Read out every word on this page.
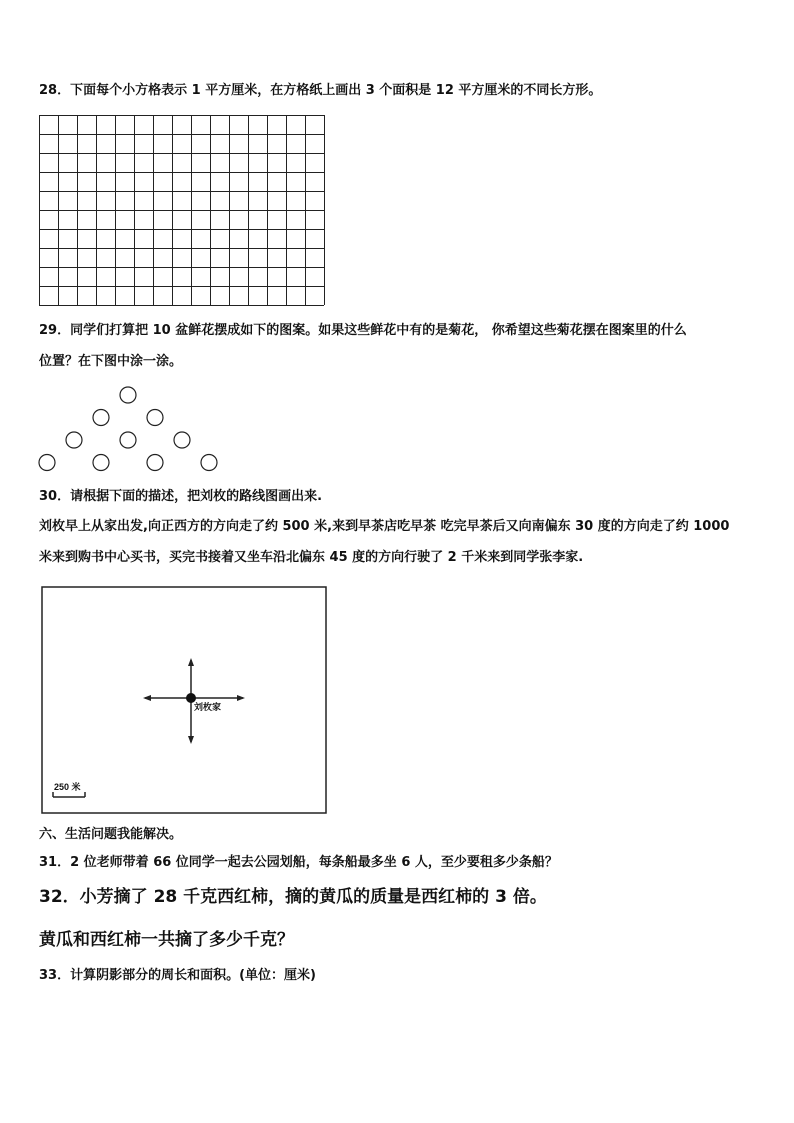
28．下面每个小方格表示 1 平方厘米，在方格纸上画出 3 个面积是 12 平方厘米的不同长方形。
29．同学们打算把 10 盆鲜花摆成如下的图案。如果这些鲜花中有的是菊花， 你希望这些菊花摆在图案里的什么
位置？在下图中涂一涂。
30．请根据下面的描述，把刘枚的路线图画出来.
刘枚早上从家出发,向正西方的方向走了约 500 米,来到早茶店吃早茶 吃完早茶后又向南偏东 30 度的方向走了约 1000
米来到购书中心买书，买完书接着又坐车沿北偏东 45 度的方向行驶了 2 千米来到同学张李家.
刘枚家
250 米
六、生活问题我能解决。
31．2 位老师带着 66 位同学一起去公园划船，每条船最多坐 6 人，至少要租多少条船？
32．小芳摘了 28 千克西红柿，摘的黄瓜的质量是西红柿的 3 倍。
黄瓜和西红柿一共摘了多少千克？
33．计算阴影部分的周长和面积。(单位：厘米)
